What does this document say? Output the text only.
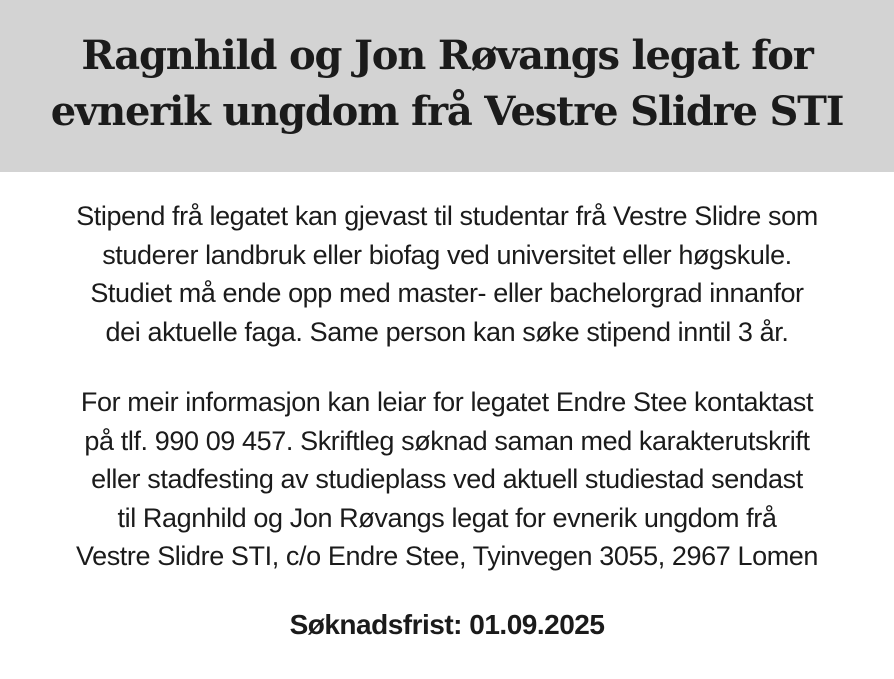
Ragnhild og Jon Røvangs legat for
evnerik ungdom frå Vestre Slidre STI

Stipend frå legatet kan gjevast til studentar frå Vestre Slidre som
studerer landbruk eller biofag ved universitet eller høgskule.
Studiet må ende opp med master- eller bachelorgrad innanfor
dei aktuelle faga. Same person kan søke stipend inntil 3 år.

For meir informasjon kan leiar for legatet Endre Stee kontaktast
på tlf. 990 09 457. Skriftleg søknad saman med karakterutskrift
eller stadfesting av studieplass ved aktuell studiestad sendast
til Ragnhild og Jon Røvangs legat for evnerik ungdom frå
Vestre Slidre STI, c/o Endre Stee, Tyinvegen 3055, 2967 Lomen

Søknadsfrist: 01.09.2025
